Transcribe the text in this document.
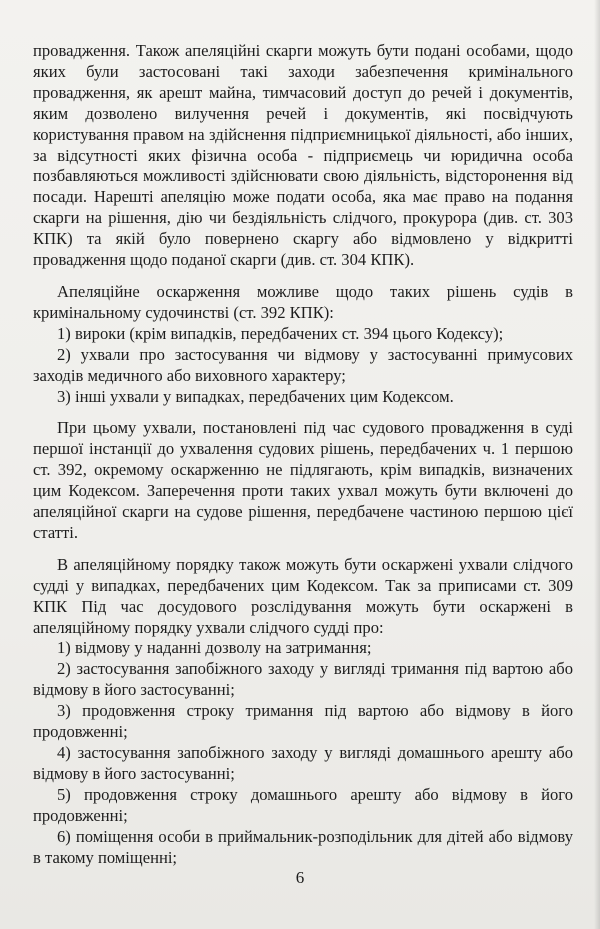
провадження. Також апеляційні скарги можуть бути подані особами, щодо яких були застосовані такі заходи забезпечення кримінального провадження, як арешт майна, тимчасовий доступ до речей і документів, яким дозволено вилучення речей і документів, які посвідчують користування правом на здійснення підприємницької діяльності, або інших, за відсутності яких фізична особа - підприємець чи юридична особа позбавляються можливості здійснювати свою діяльність, відсторонення від посади. Нарешті апеляцію може подати особа, яка має право на подання скарги на рішення, дію чи бездіяльність слідчого, прокурора (див. ст. 303 КПК) та якій було повернено скаргу або відмовлено у відкритті провадження щодо поданої скарги (див. ст. 304 КПК).

Апеляційне оскарження можливе щодо таких рішень судів в кримінальному судочинстві (ст. 392 КПК):

1) вироки (крім випадків, передбачених ст. 394 цього Кодексу);

2) ухвали про застосування чи відмову у застосуванні примусових заходів медичного або виховного характеру;

3) інші ухвали у випадках, передбачених цим Кодексом.

При цьому ухвали, постановлені під час судового провадження в суді першої інстанції до ухвалення судових рішень, передбачених ч. 1 першою ст. 392, окремому оскарженню не підлягають, крім випадків, визначених цим Кодексом. Заперечення проти таких ухвал можуть бути включені до апеляційної скарги на судове рішення, передбачене частиною першою цієї статті.

В апеляційному порядку також можуть бути оскаржені ухвали слідчого судді у випадках, передбачених цим Кодексом. Так за приписами ст. 309 КПК Під час досудового розслідування можуть бути оскаржені в апеляційному порядку ухвали слідчого судді про:

1) відмову у наданні дозволу на затримання;

2) застосування запобіжного заходу у вигляді тримання під вартою або відмову в його застосуванні;

3) продовження строку тримання під вартою або відмову в його продовженні;

4) застосування запобіжного заходу у вигляді домашнього арешту або відмову в його застосуванні;

5) продовження строку домашнього арешту або відмову в його продовженні;

6) поміщення особи в приймальник-розподільник для дітей або відмову в такому поміщенні;

6
